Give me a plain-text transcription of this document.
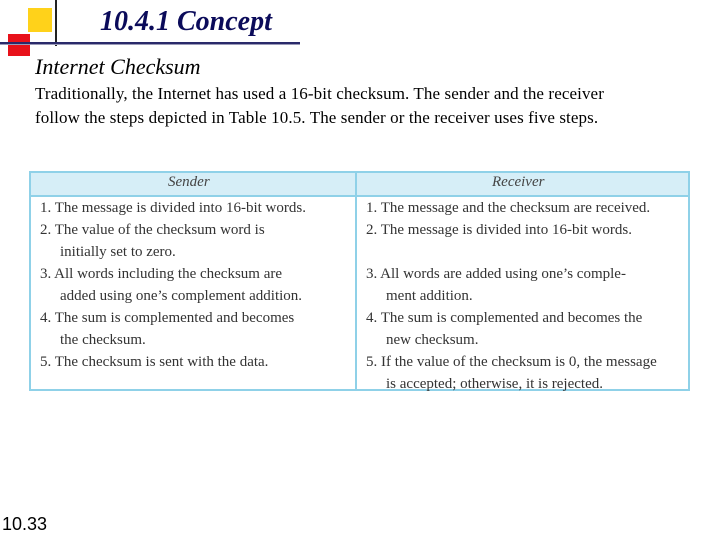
10.4.1 Concept
Internet Checksum

Traditionally, the Internet has used a 16-bit checksum. The sender and the receiver

follow the steps depicted in Table 10.5. The sender or the receiver uses five steps.

Sender	Receiver
1. The message is divided into 16-bit words.
2. The value of the checksum word is
initially set to zero.
3. All words including the checksum are
added using one’s complement addition.
4. The sum is complemented and becomes
the checksum.
5. The checksum is sent with the data.
1. The message and the checksum are received.
2. The message is divided into 16-bit words.
3. All words are added using one’s comple-
ment addition.
4. The sum is complemented and becomes the
new checksum.
5. If the value of the checksum is 0, the message
is accepted; otherwise, it is rejected.
10.33
